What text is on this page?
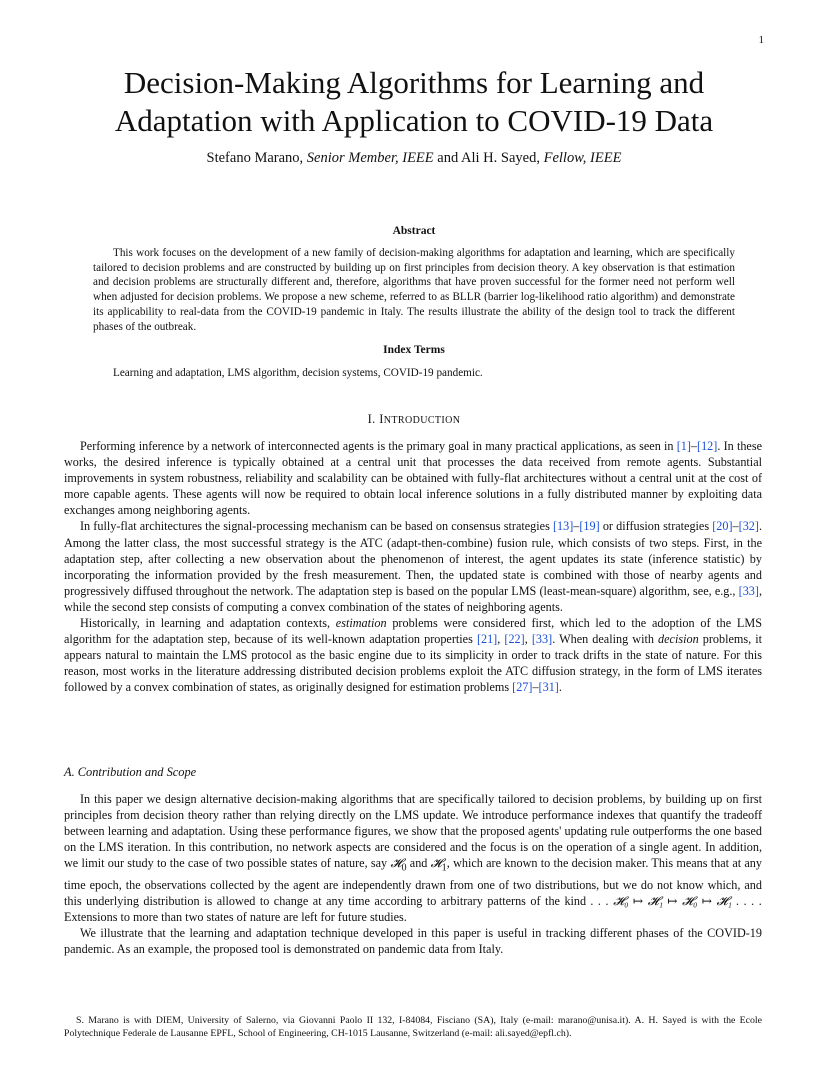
1
Decision-Making Algorithms for Learning and
Adaptation with Application to COVID-19 Data
Stefano Marano, Senior Member, IEEE and Ali H. Sayed, Fellow, IEEE
Abstract

This work focuses on the development of a new family of decision-making algorithms for adaptation and learning, which are specifically tailored to decision problems and are constructed by building up on first principles from decision theory. A key observation is that estimation and decision problems are structurally different and, therefore, algorithms that have proven successful for the former need not perform well when adjusted for decision problems. We propose a new scheme, referred to as BLLR (barrier log-likelihood ratio algorithm) and demonstrate its applicability to real-data from the COVID-19 pandemic in Italy. The results illustrate the ability of the design tool to track the different phases of the outbreak.

Index Terms

Learning and adaptation, LMS algorithm, decision systems, COVID-19 pandemic.

I. INTRODUCTION

Performing inference by a network of interconnected agents is the primary goal in many practical applications, as seen in [1]–[12]. In these works, the desired inference is typically obtained at a central unit that processes the data received from remote agents. Substantial improvements in system robustness, reliability and scalability can be obtained with fully-flat architectures without a central unit at the cost of more capable agents. These agents will now be required to obtain local inference solutions in a fully distributed manner by exploiting data exchanges among neighboring agents.

In fully-flat architectures the signal-processing mechanism can be based on consensus strategies [13]–[19] or diffusion strategies [20]–[32]. Among the latter class, the most successful strategy is the ATC (adapt-then-combine) fusion rule, which consists of two steps. First, in the adaptation step, after collecting a new observation about the phenomenon of interest, the agent updates its state (inference statistic) by incorporating the information provided by the fresh measurement. Then, the updated state is combined with those of nearby agents and progressively diffused throughout the network. The adaptation step is based on the popular LMS (least-mean-square) algorithm, see, e.g., [33], while the second step consists of computing a convex combination of the states of neighboring agents.

Historically, in learning and adaptation contexts, estimation problems were considered first, which led to the adoption of the LMS algorithm for the adaptation step, because of its well-known adaptation properties [21], [22], [33]. When dealing with decision problems, it appears natural to maintain the LMS protocol as the basic engine due to its simplicity in order to track drifts in the state of nature. For this reason, most works in the literature addressing distributed decision problems exploit the ATC diffusion strategy, in the form of LMS iterates followed by a convex combination of states, as originally designed for estimation problems [27]–[31].

A. Contribution and Scope

In this paper we design alternative decision-making algorithms that are specifically tailored to decision problems, by building up on first principles from decision theory rather than relying directly on the LMS update. We introduce performance indexes that quantify the tradeoff between learning and adaptation. Using these performance figures, we show that the proposed agents' updating rule outperforms the one based on the LMS iteration. In this contribution, no network aspects are considered and the focus is on the operation of a single agent. In addition, we limit our study to the case of two possible states of nature, say 𝓗$_0$ and 𝓗$_1$, which are known to the decision maker. This means that at any time epoch, the observations collected by the agent are independently drawn from one of two distributions, but we do not know which, and this underlying distribution is allowed to change at any time according to arbitrary patterns of the kind . . . 𝓗₀ ↦ 𝓗₁ ↦ 𝓗₀ ↦ 𝓗₁ . . . . Extensions to more than two states of nature are left for future studies.

We illustrate that the learning and adaptation technique developed in this paper is useful in tracking different phases of the COVID-19 pandemic. As an example, the proposed tool is demonstrated on pandemic data from Italy.

S. Marano is with DIEM, University of Salerno, via Giovanni Paolo II 132, I-84084, Fisciano (SA), Italy (e-mail: marano@unisa.it). A. H. Sayed is with the Ecole Polytechnique Federale de Lausanne EPFL, School of Engineering, CH-1015 Lausanne, Switzerland (e-mail: ali.sayed@epfl.ch).
